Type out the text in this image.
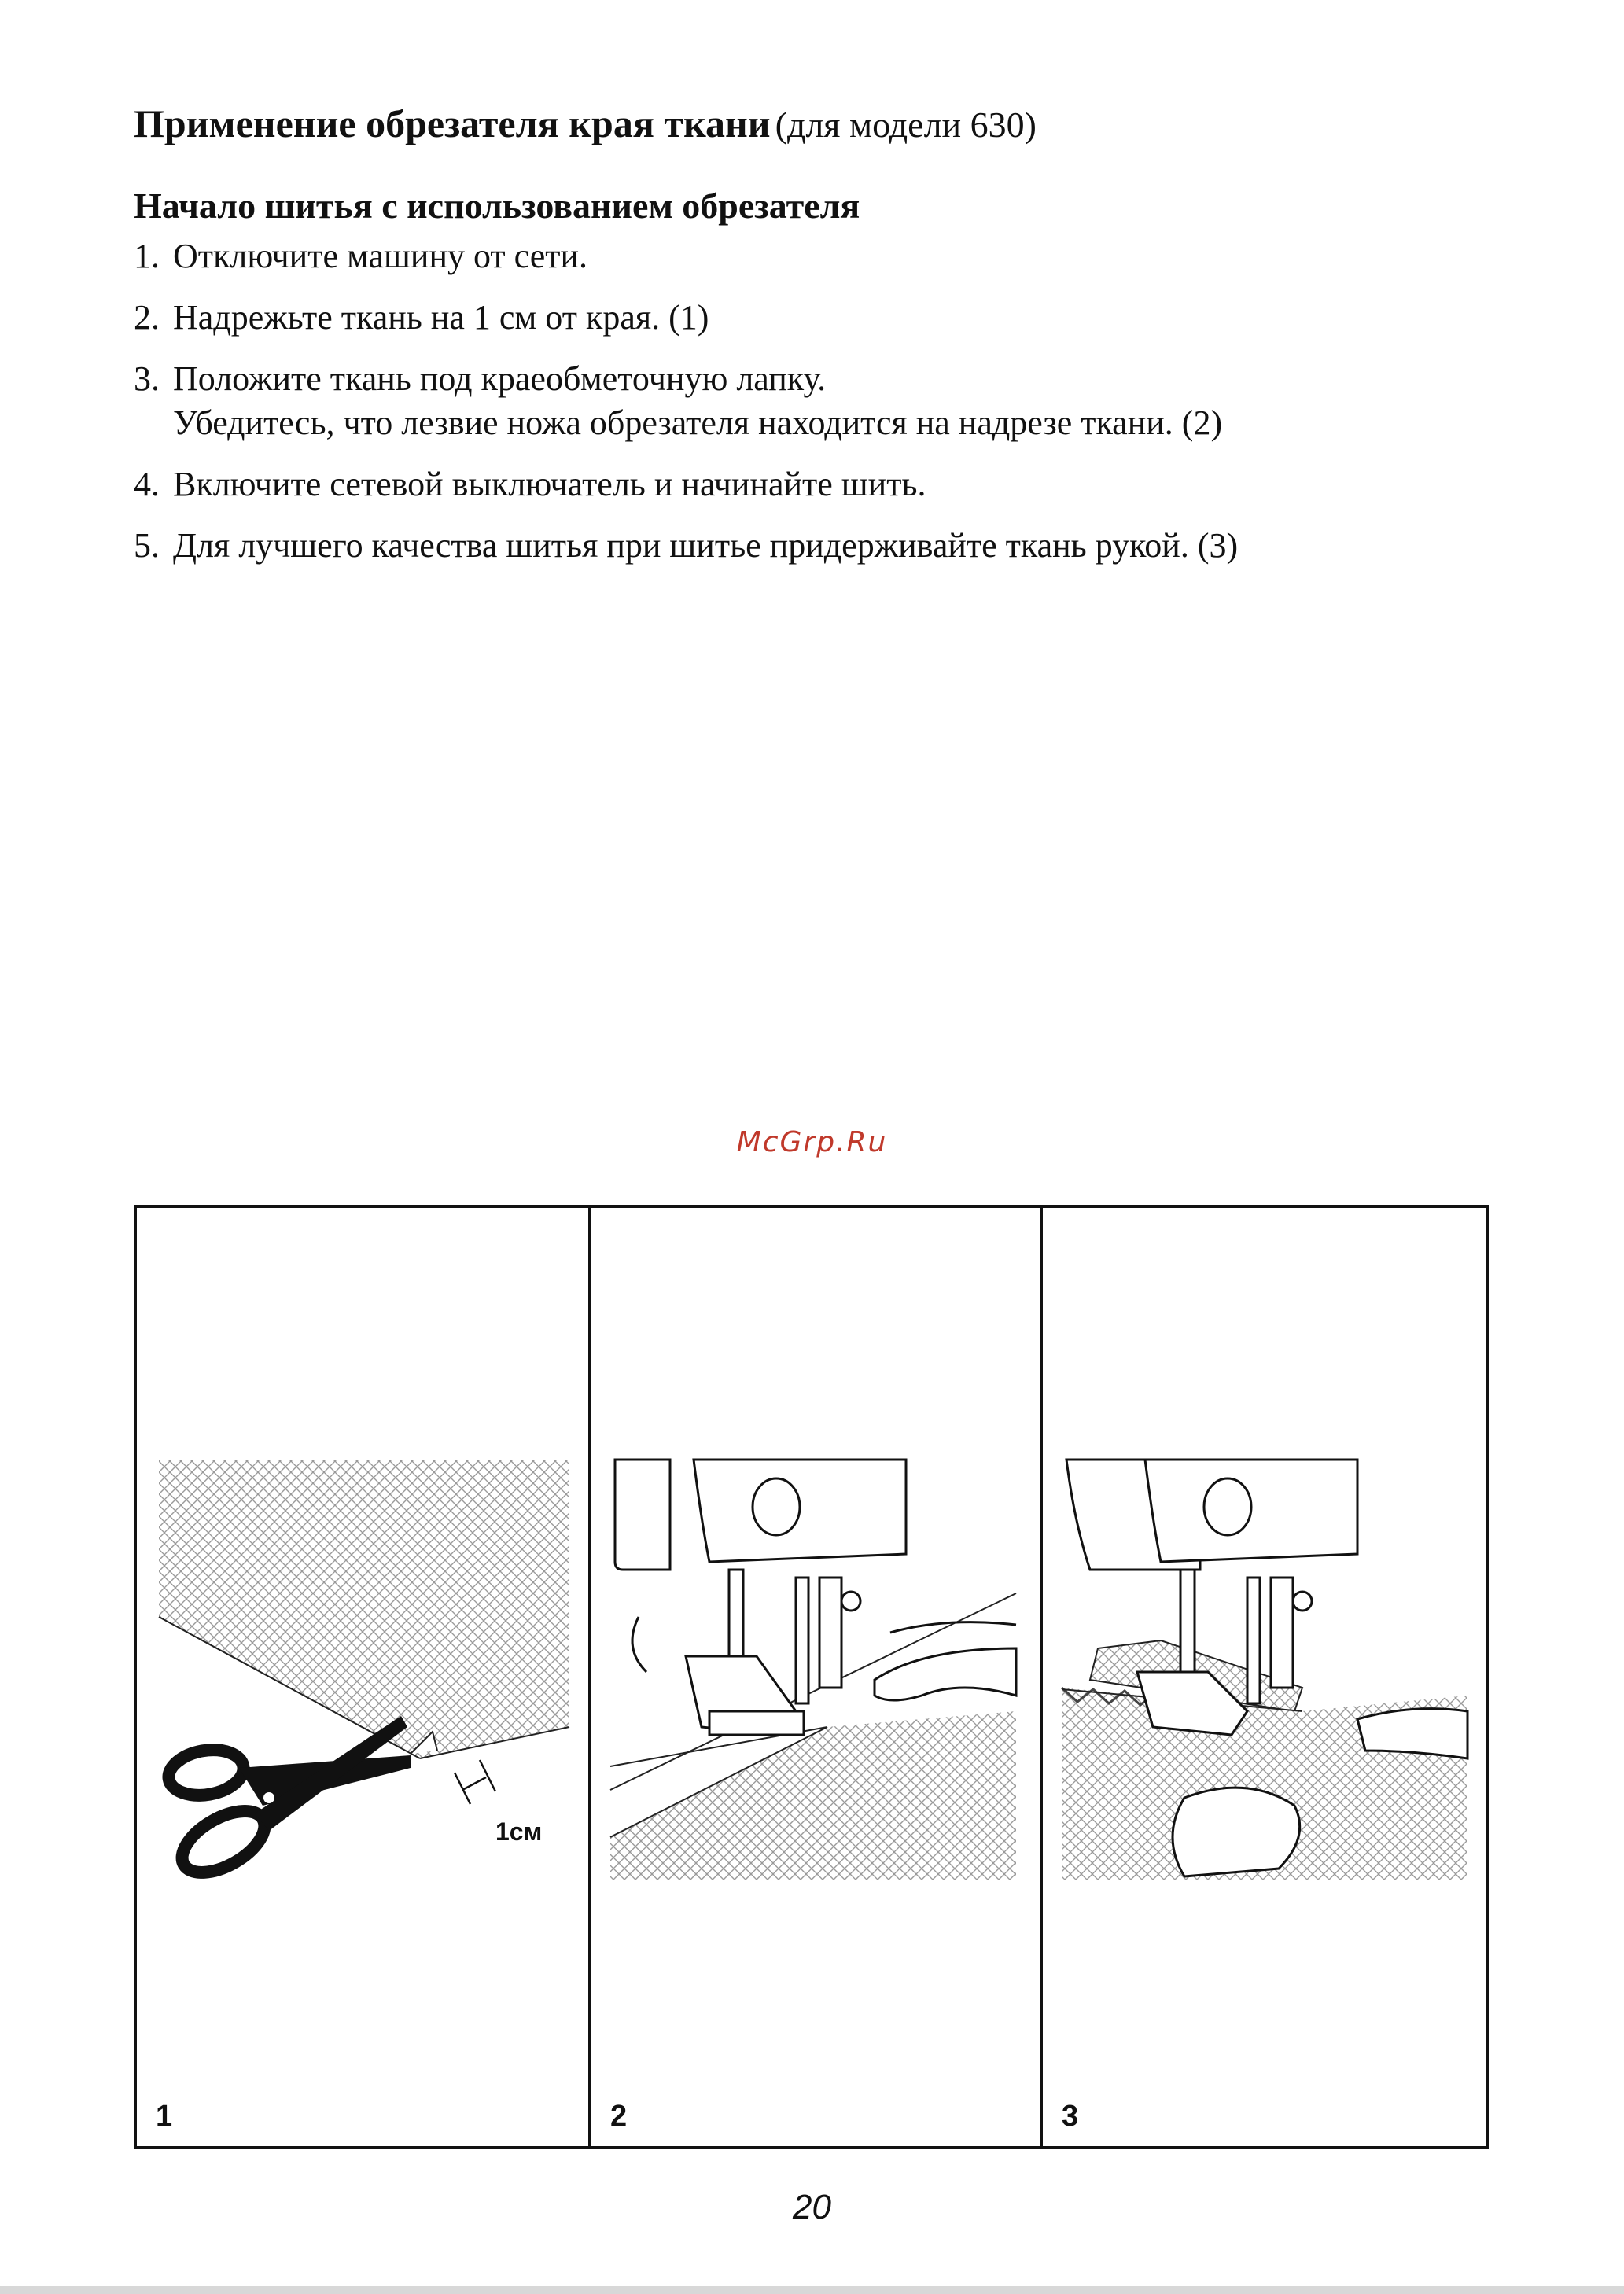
Применение обрезателя края ткани (для модели 630)
Начало шитья с использованием обрезателя
1. Отключите машину от сети.
2. Надрежьте ткань на 1 см от края. (1)
3. Положите ткань под краеобметочную лапку.
Убедитесь, что лезвие ножа обрезателя находится на надрезе ткани. (2)
4. Включите сетевой выключатель и начинайте шить.
5. Для лучшего качества шитья при шитье придерживайте ткань рукой. (3)
McGrp.Ru
1см
1	2	3
20
